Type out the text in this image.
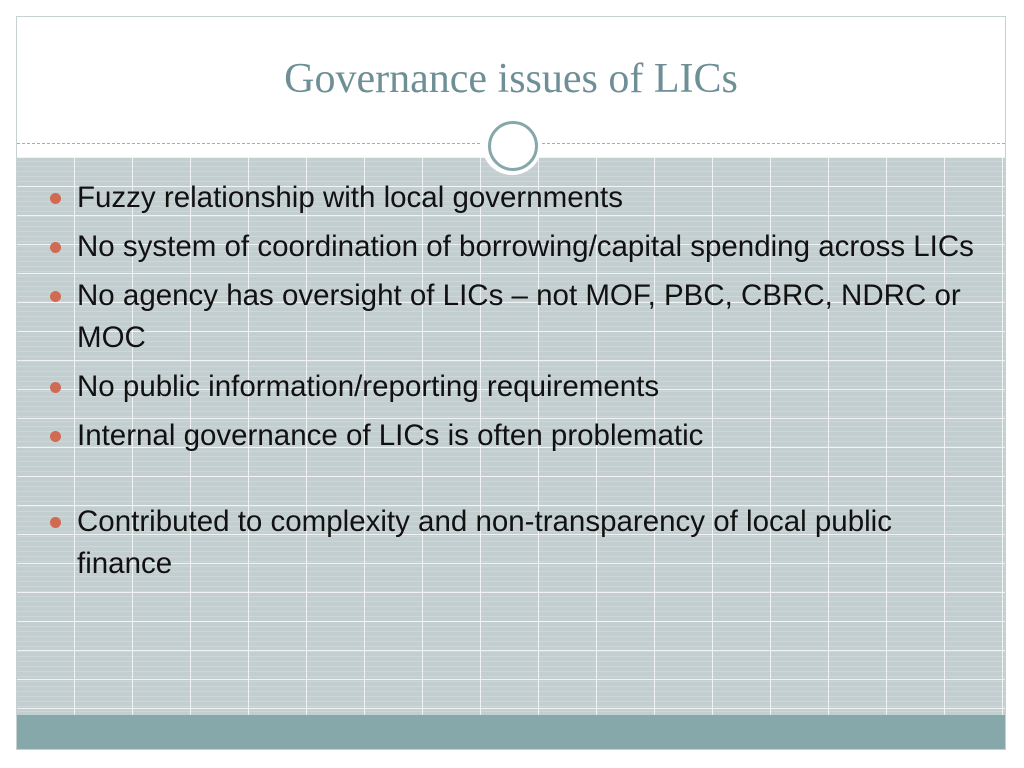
Governance issues of LICs
Fuzzy relationship with local governments
No system of coordination of borrowing/capital spending across LICs
No agency has oversight of LICs – not MOF, PBC, CBRC, NDRC or MOC
No public information/reporting requirements
Internal governance of LICs is often problematic
Contributed to complexity and non-transparency of local public finance
